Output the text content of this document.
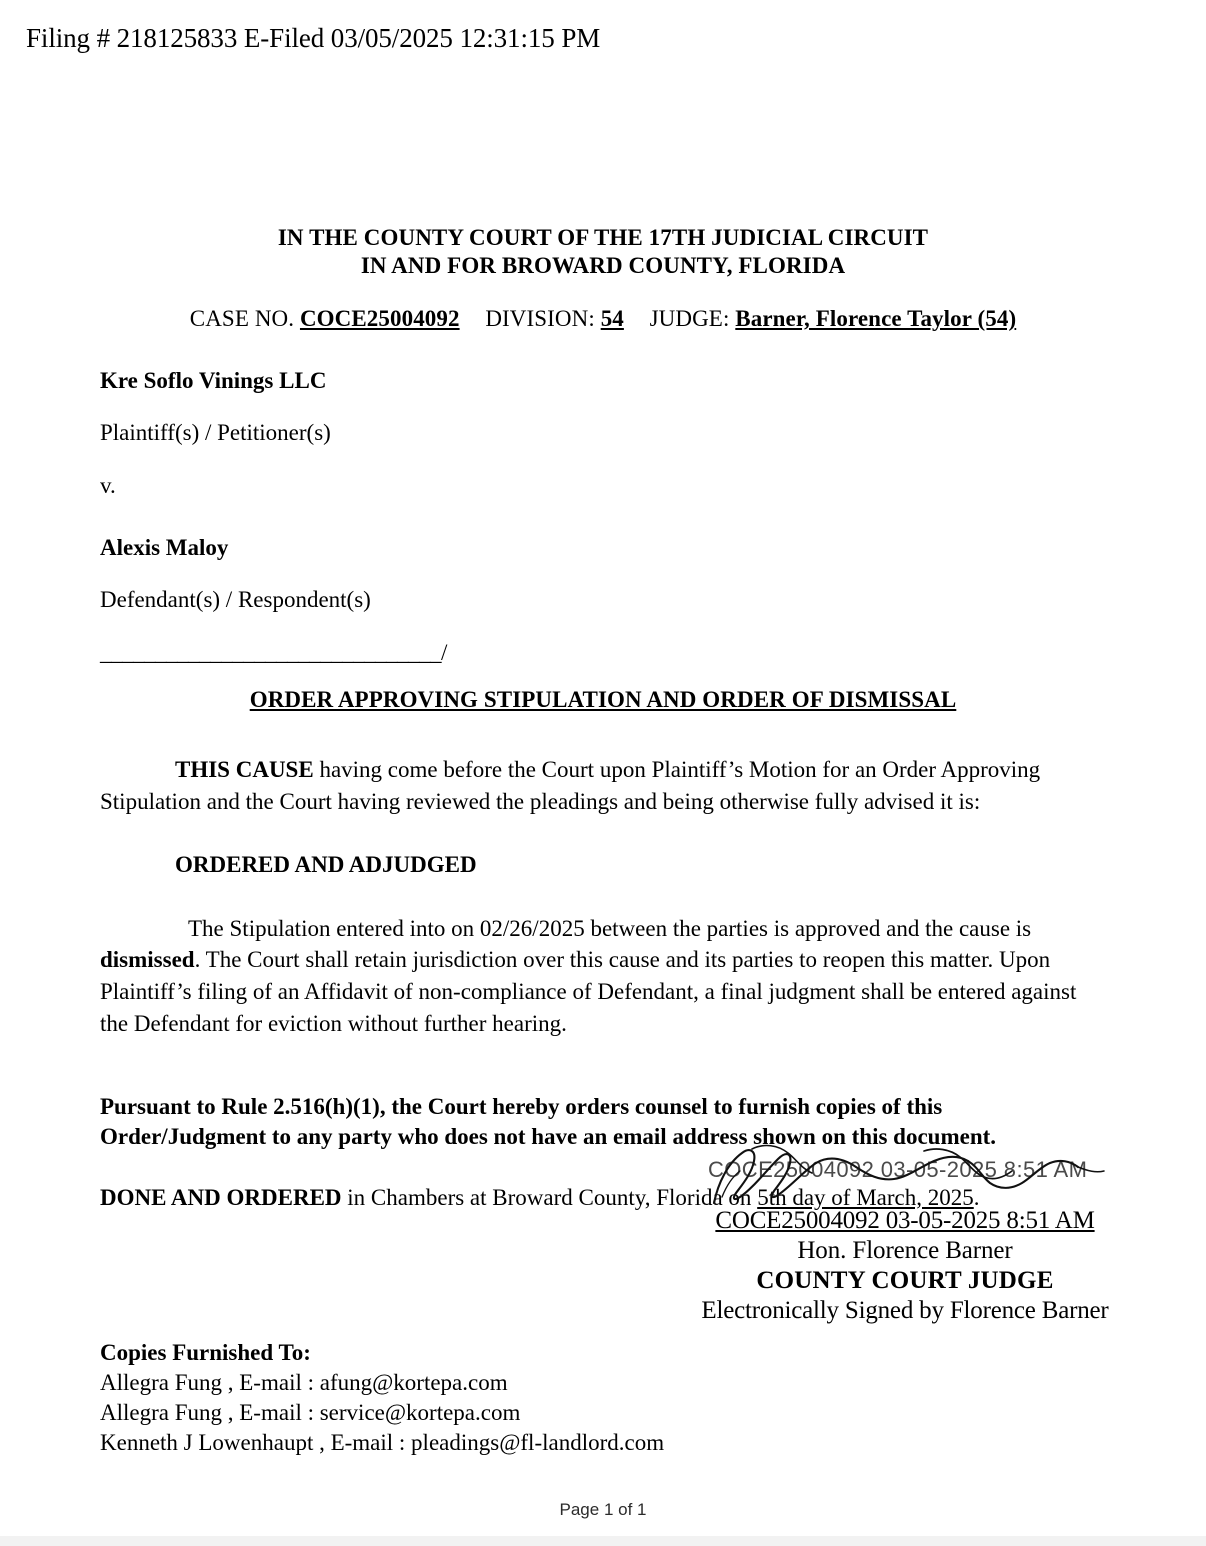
Filing # 218125833 E-Filed 03/05/2025 12:31:15 PM
IN THE COUNTY COURT OF THE 17TH JUDICIAL CIRCUIT
IN AND FOR BROWARD COUNTY, FLORIDA
CASE NO. COCE25004092 DIVISION: 54 JUDGE: Barner, Florence Taylor (54)
Kre Soflo Vinings LLC
Plaintiff(s) / Petitioner(s)
v.
Alexis Maloy
Defendant(s) / Respondent(s)
_______________________________/
ORDER APPROVING STIPULATION AND ORDER OF DISMISSAL
THIS CAUSE having come before the Court upon Plaintiff’s Motion for an Order Approving Stipulation and the Court having reviewed the pleadings and being otherwise fully advised it is:
ORDERED AND ADJUDGED
The Stipulation entered into on 02/26/2025 between the parties is approved and the cause is dismissed. The Court shall retain jurisdiction over this cause and its parties to reopen this matter. Upon Plaintiff’s filing of an Affidavit of non-compliance of Defendant, a final judgment shall be entered against the Defendant for eviction without further hearing.
Pursuant to Rule 2.516(h)(1), the Court hereby orders counsel to furnish copies of this
Order/Judgment to any party who does not have an email address shown on this document.
DONE AND ORDERED in Chambers at Broward County, Florida on 5th day of March, 2025.
COCE25004092 03-05-2025 8:51 AM
COCE25004092 03-05-2025 8:51 AM
Hon. Florence Barner
COUNTY COURT JUDGE
Electronically Signed by Florence Barner
Copies Furnished To:
Allegra Fung , E-mail : afung@kortepa.com
Allegra Fung , E-mail : service@kortepa.com
Kenneth J Lowenhaupt , E-mail : pleadings@fl-landlord.com
Page 1 of 1
